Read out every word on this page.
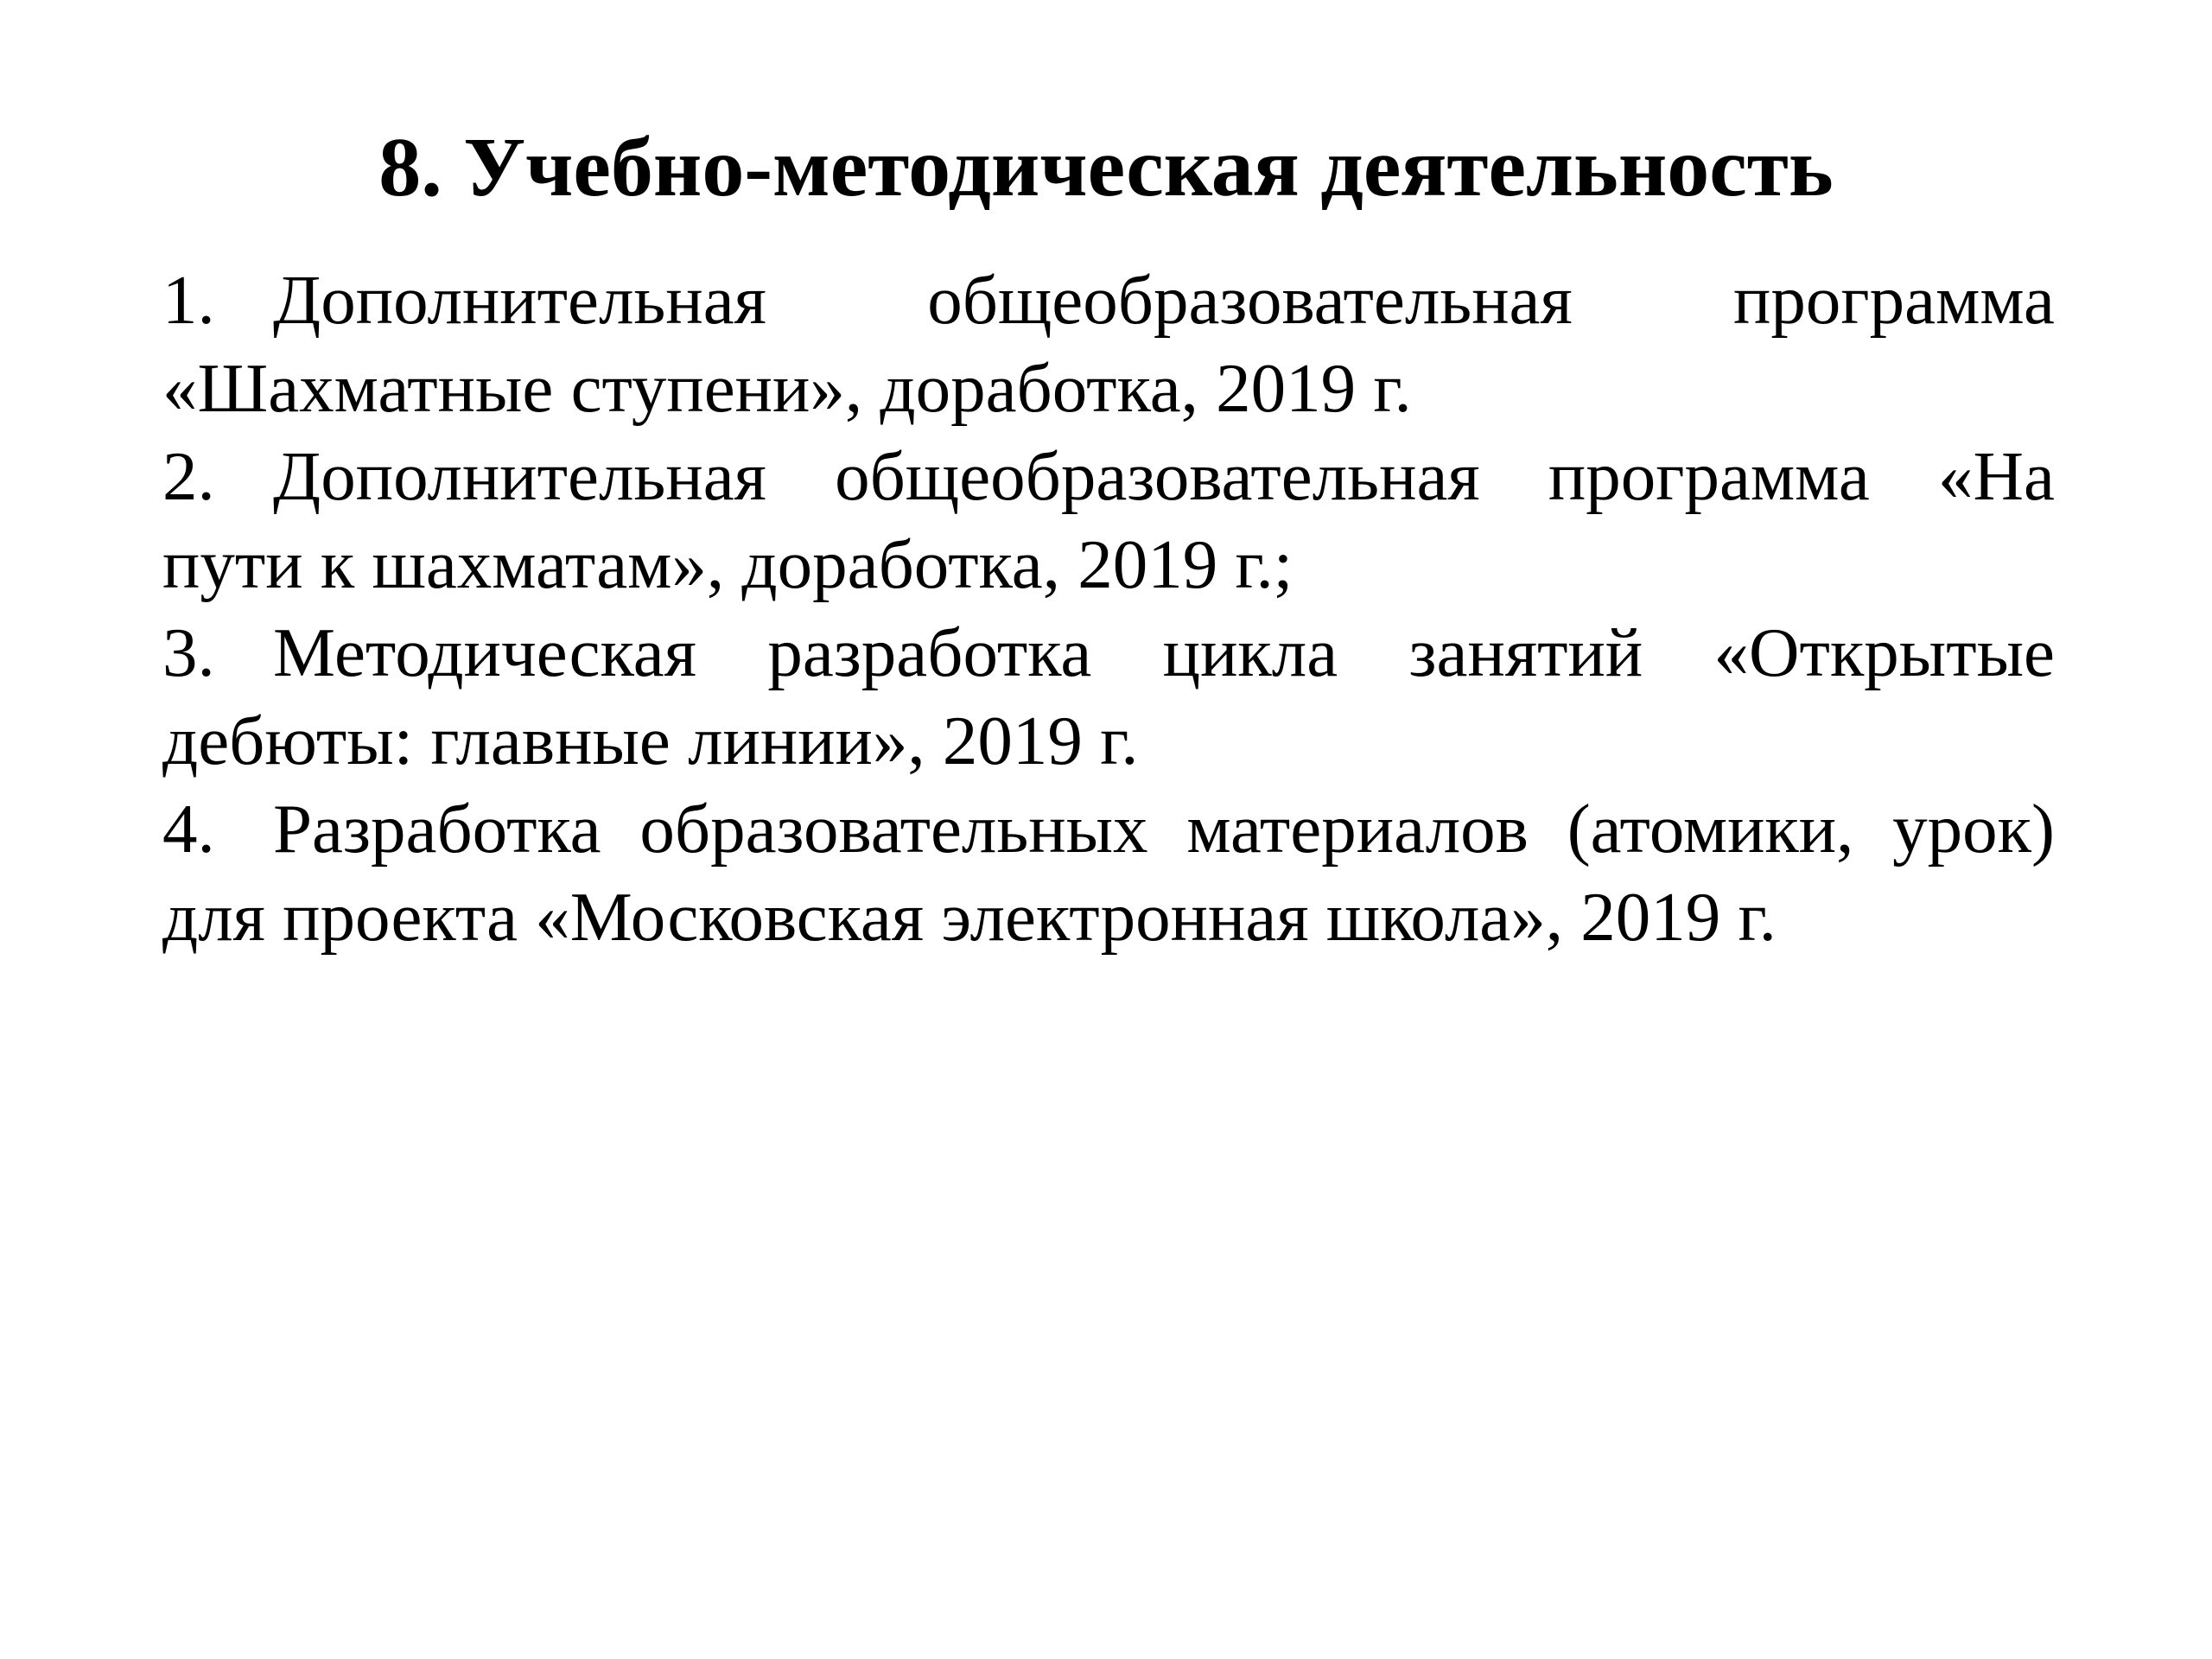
8. Учебно-методическая деятельность
1. Дополнительная общеобразовательная программа «Шахматные ступени», доработка, 2019 г.
2. Дополнительная общеобразовательная программа «На пути к шахматам», доработка, 2019 г.;
3. Методическая разработка цикла занятий «Открытые дебюты: главные линии», 2019 г.
4. Разработка образовательных материалов (атомики, урок) для проекта «Московская электронная школа», 2019 г.
